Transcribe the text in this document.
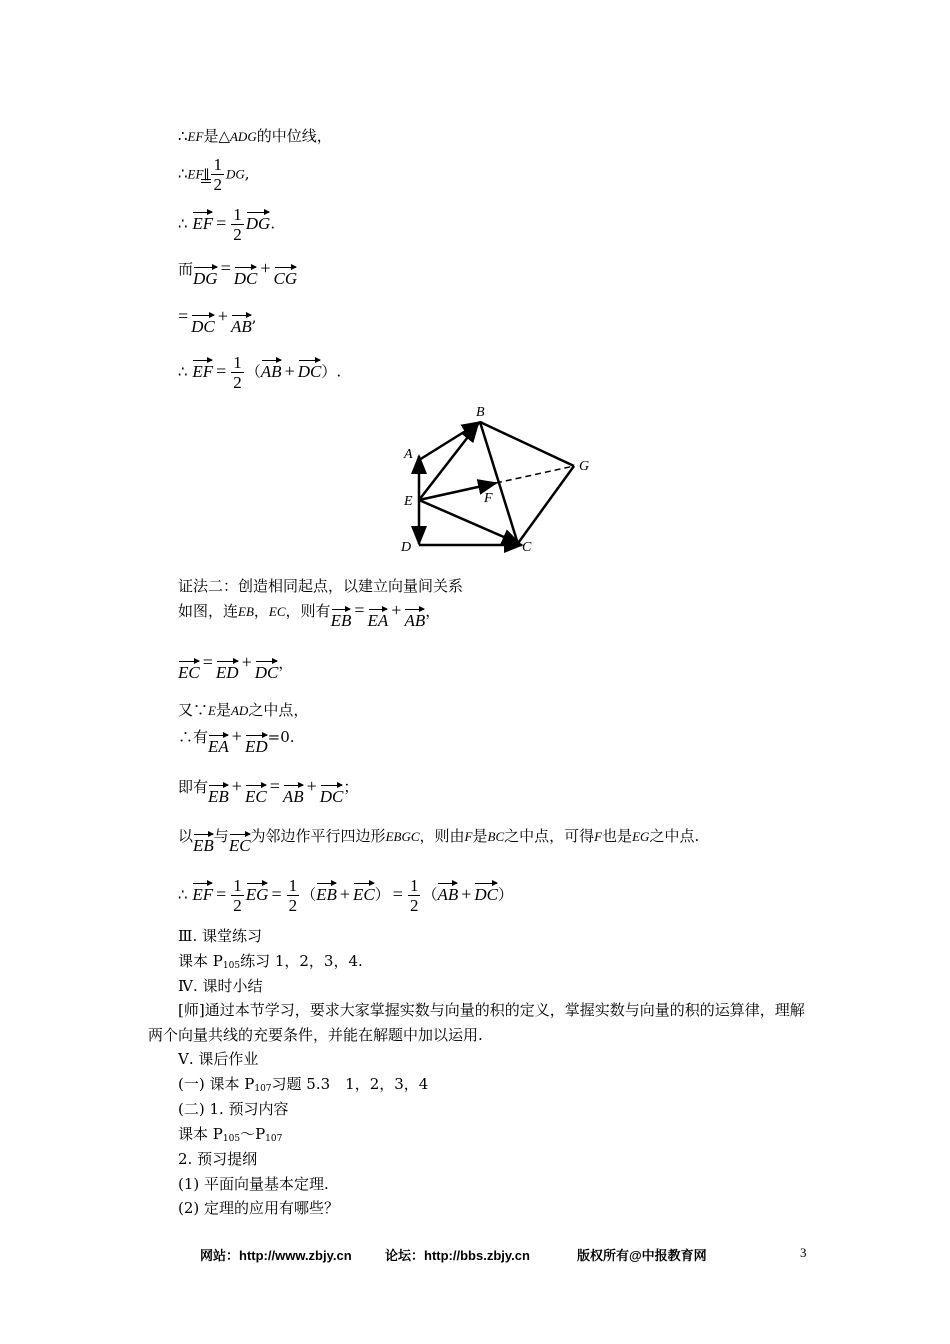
∴EF是△ADG的中位线，
∴EF∥ $\frac{1}{2}$ DG,
∴ EF = $\frac{1}{2}$ DG.
而DG=DC+CG
=DC+AB,
∴ EF = $\frac{1}{2} (AB + DC)$.
A
B
G
E	F
D	C
证法二：创造相同起点，以建立向量间关系
如图，连EB，EC，则有EB=EA+AB，
EC=ED+DC，
又∵E是AD之中点，
∴有EA+ED=0.
即有EB+EC=AB+DC；
以EB与EC为邻边作平行四边形EBGC，则由F是BC之中点，可得F也是EG之中点.
∴ EF = $\frac{1}{2}$ EG = $\frac{1}{2} (EB + EC) = \frac{1}{2} (AB + DC)$
Ⅲ. 课堂练习
课本 $P_{105}$练习 1，2，3，4.
Ⅳ. 课时小结
[师]通过本节学习，要求大家掌握实数与向量的积的定义，掌握实数与向量的积的运算律，理解两个向量共线的充要条件，并能在解题中加以运用.
Ⅴ. 课后作业
(一) 课本 $P_{107}$习题 5.3　1，2，3，4
(二) 1. 预习内容
课本 $P_{105}\sim P_{107}$
2. 预习提纲
(1) 平面向量基本定理.
(2) 定理的应用有哪些？
网站：http://www.zbjy.cn	论坛：http://bbs.zbjy.cn	版权所有@中报教育网	3
